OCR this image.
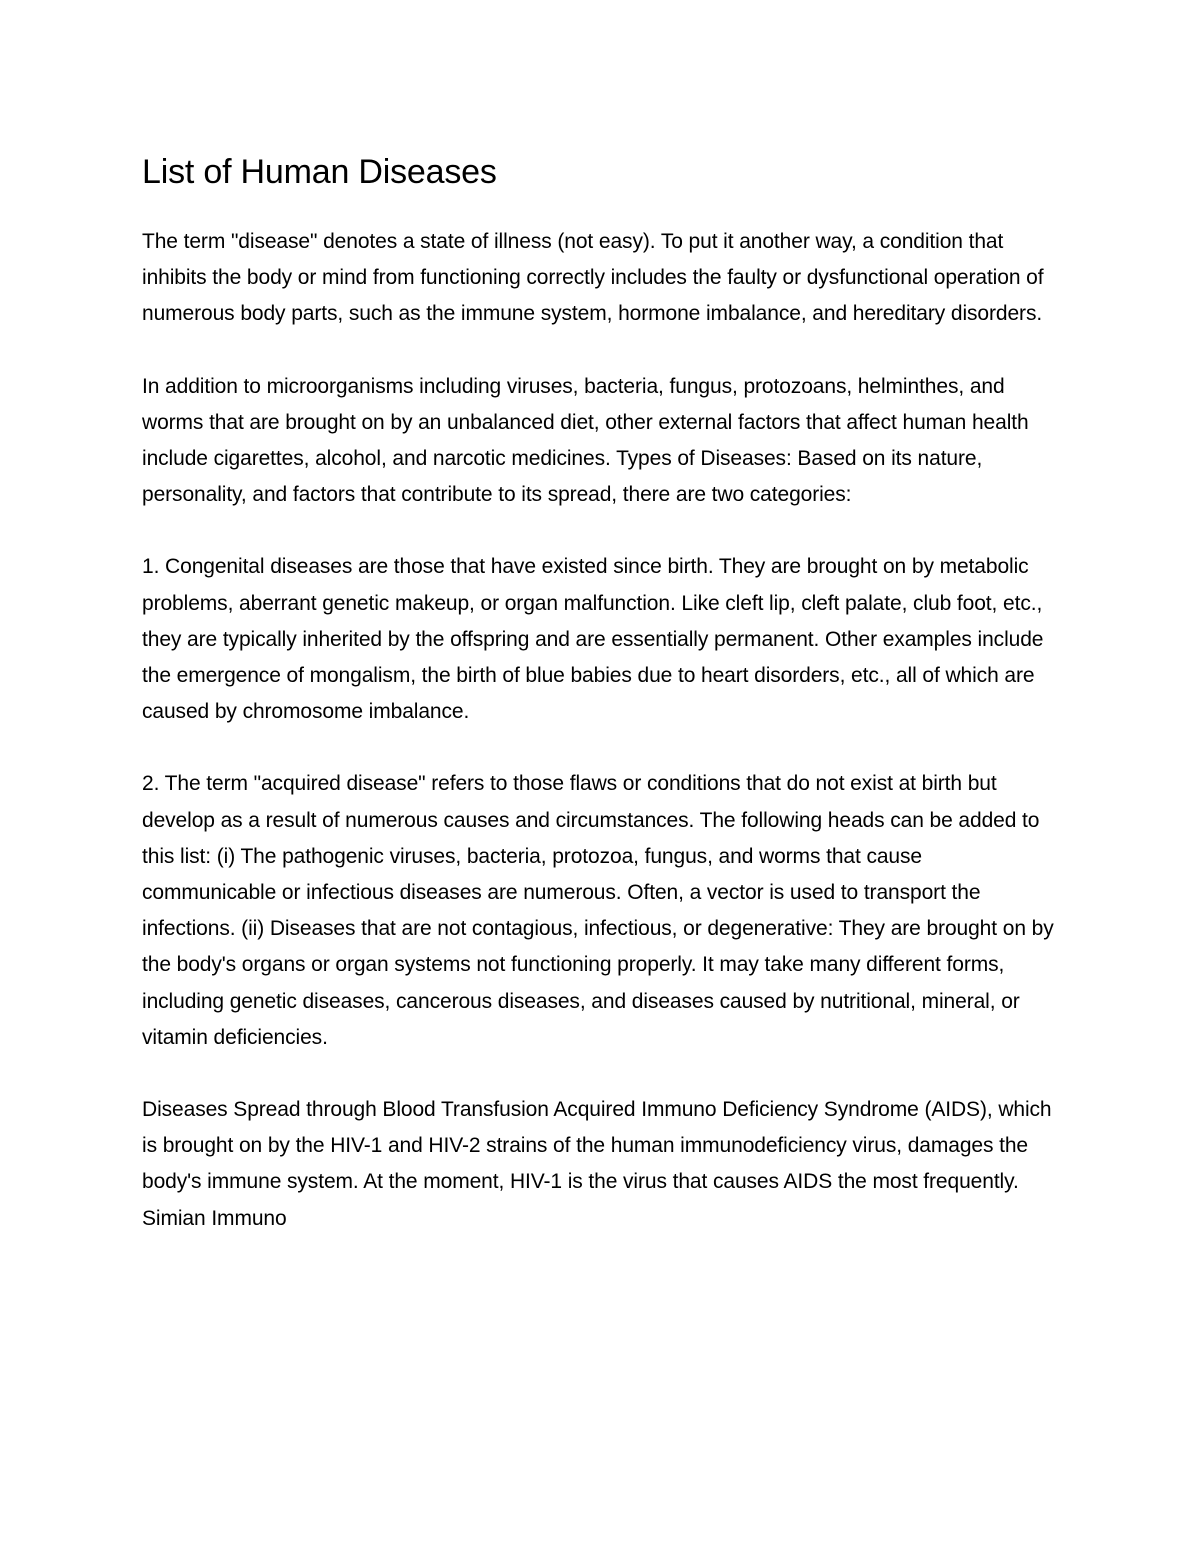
List of Human Diseases

The term "disease" denotes a state of illness (not easy). To put it another way, a condition that inhibits the body or mind from functioning correctly includes the faulty or dysfunctional operation of numerous body parts, such as the immune system, hormone imbalance, and hereditary disorders.

In addition to microorganisms including viruses, bacteria, fungus, protozoans, helminthes, and worms that are brought on by an unbalanced diet, other external factors that affect human health include cigarettes, alcohol, and narcotic medicines. Types of Diseases: Based on its nature, personality, and factors that contribute to its spread, there are two categories:

1. Congenital diseases are those that have existed since birth. They are brought on by metabolic problems, aberrant genetic makeup, or organ malfunction. Like cleft lip, cleft palate, club foot, etc., they are typically inherited by the offspring and are essentially permanent. Other examples include the emergence of mongalism, the birth of blue babies due to heart disorders, etc., all of which are caused by chromosome imbalance.

2. The term "acquired disease" refers to those flaws or conditions that do not exist at birth but develop as a result of numerous causes and circumstances. The following heads can be added to this list: (i) The pathogenic viruses, bacteria, protozoa, fungus, and worms that cause communicable or infectious diseases are numerous. Often, a vector is used to transport the infections. (ii) Diseases that are not contagious, infectious, or degenerative: They are brought on by the body's organs or organ systems not functioning properly. It may take many different forms, including genetic diseases, cancerous diseases, and diseases caused by nutritional, mineral, or vitamin deficiencies.

Diseases Spread through Blood Transfusion Acquired Immuno Deficiency Syndrome (AIDS), which is brought on by the HIV-1 and HIV-2 strains of the human immunodeficiency virus, damages the body's immune system. At the moment, HIV-1 is the virus that causes AIDS the most frequently. Simian Immuno
